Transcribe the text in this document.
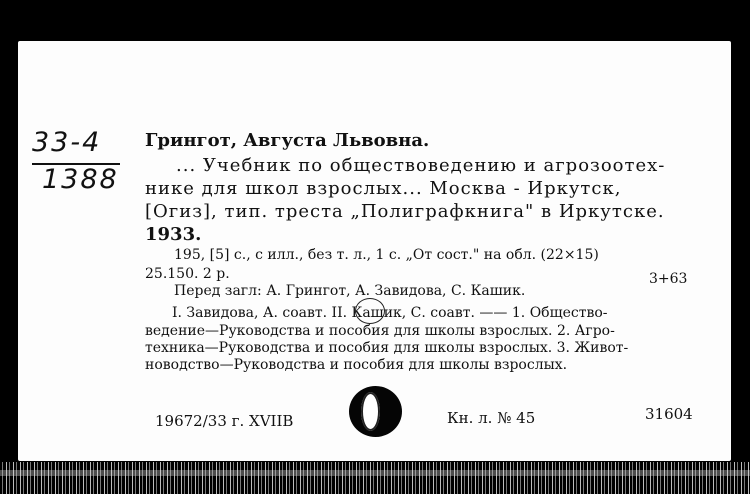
33-4
1388
Грингот, Августа Львовна.
... Учебник по обществоведению и агрозоотех-
нике для школ взрослых... Москва - Иркутск,
[Огиз], тип. треста „Полиграфкнига" в Иркутске.
1933.
195, [5] с., с илл., без т. л., 1 с. „От сост." на обл. (22×15)
25.150. 2 р.
Перед загл: А. Грингот, А. Завидова, С. Кашик.
3+63
I. Завидова, А. соавт. II. Кашик, С. соавт. —— 1. Общество-
ведение—Руководства и пособия для школы взрослых. 2. Агро-
техника—Руководства и пособия для школы взрослых. 3. Живот-
новодство—Руководства и пособия для школы взрослых.
19672/33 г. XVIIB	Кн. л. № 45	31604
